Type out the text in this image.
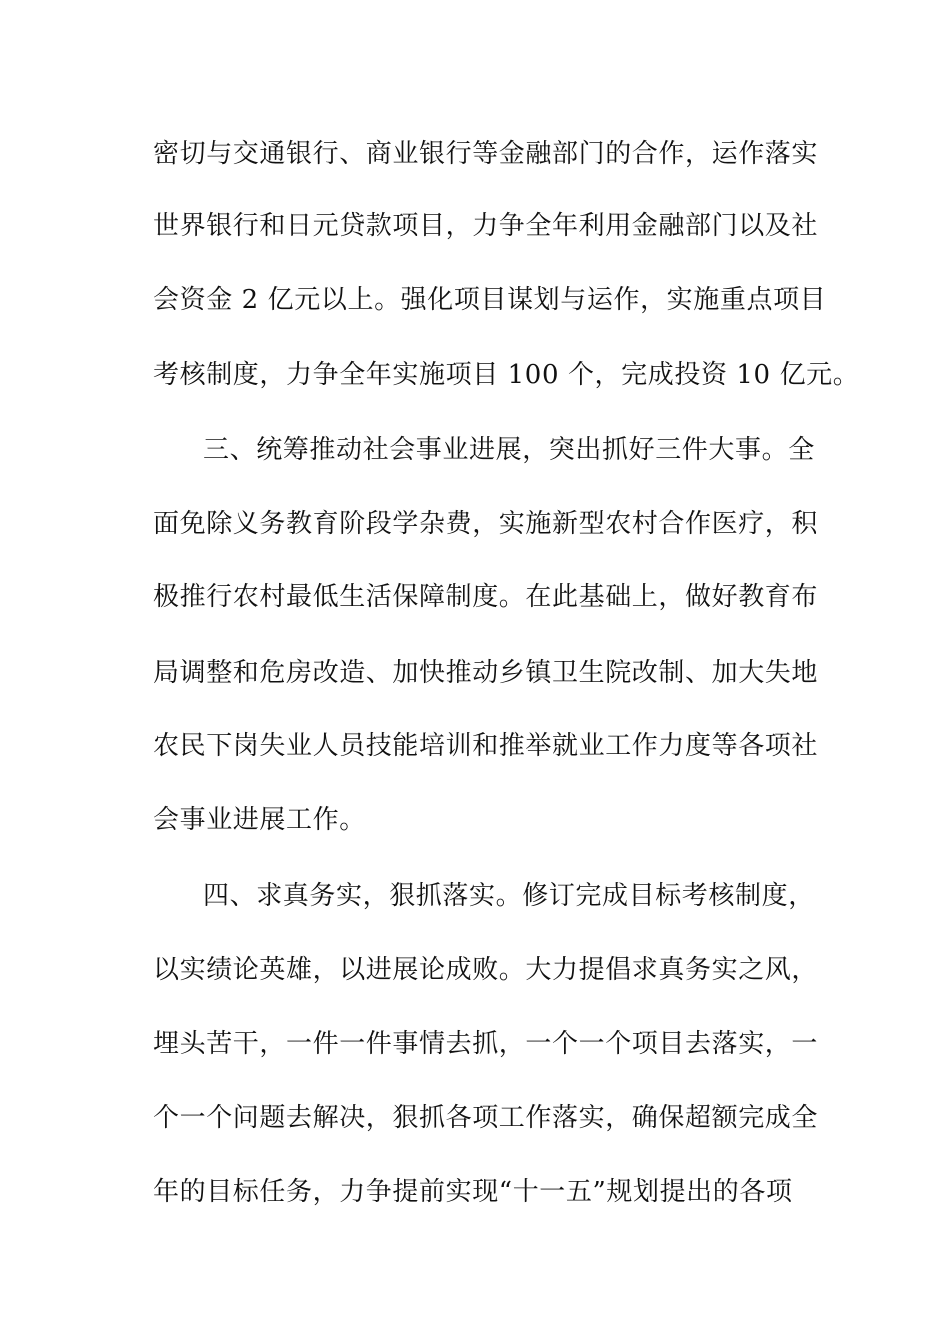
密切与交通银行、商业银行等金融部门的合作，运作落实
世界银行和日元贷款项目，力争全年利用金融部门以及社
会资金 2 亿元以上。强化项目谋划与运作，实施重点项目
考核制度，力争全年实施项目 100 个，完成投资 10 亿元。
三、统筹推动社会事业进展，突出抓好三件大事。全
面免除义务教育阶段学杂费，实施新型农村合作医疗，积
极推行农村最低生活保障制度。在此基础上，做好教育布
局调整和危房改造、加快推动乡镇卫生院改制、加大失地
农民下岗失业人员技能培训和推举就业工作力度等各项社
会事业进展工作。
四、求真务实，狠抓落实。修订完成目标考核制度，
以实绩论英雄，以进展论成败。大力提倡求真务实之风，
埋头苦干，一件一件事情去抓，一个一个项目去落实，一
个一个问题去解决，狠抓各项工作落实，确保超额完成全
年的目标任务，力争提前实现“十一五”规划提出的各项
